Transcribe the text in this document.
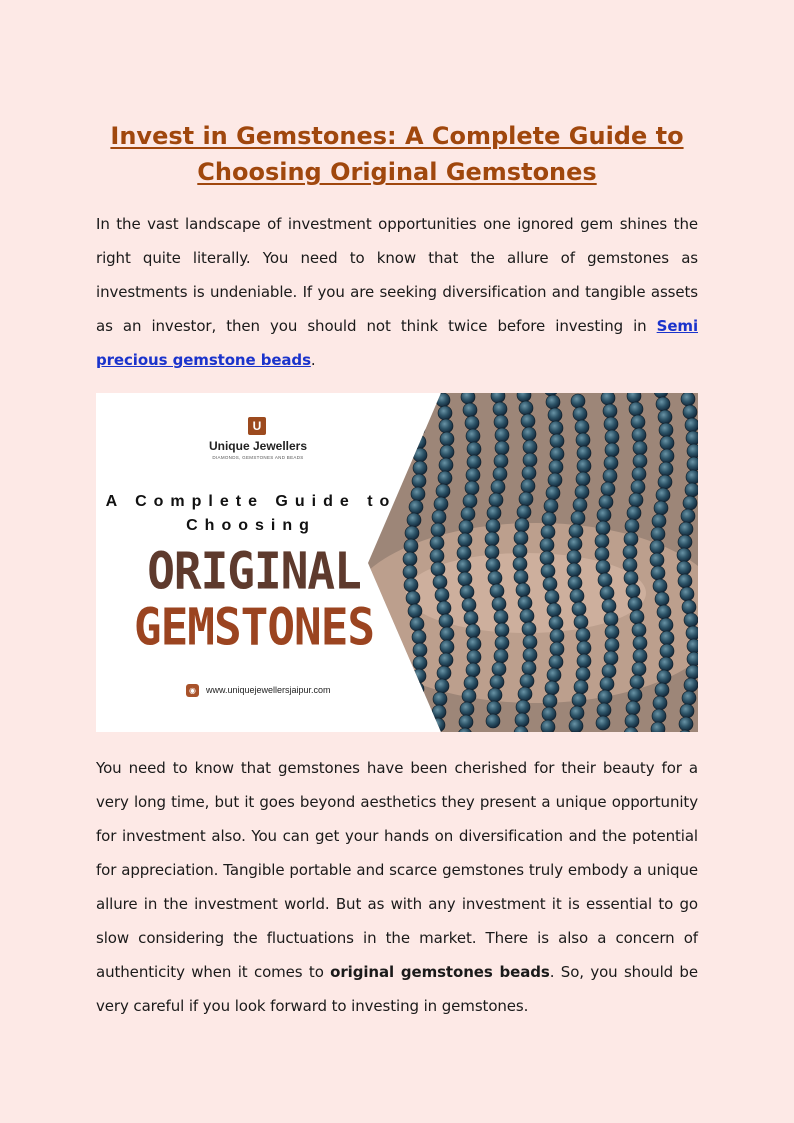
Invest in Gemstones: A Complete Guide to
Choosing Original Gemstones

In the vast landscape of investment opportunities one ignored gem shines the right quite literally. You need to know that the allure of gemstones as investments is undeniable. If you are seeking diversification and tangible assets as an investor, then you should not think twice before investing in Semi precious gemstone beads.

U
Unique Jewellers
DIAMONDS, GEMSTONES AND BEADS
A Complete Guide to
Choosing
ORIGINAL
GEMSTONES
◉	www.uniquejewellersjaipur.com

You need to know that gemstones have been cherished for their beauty for a very long time, but it goes beyond aesthetics they present a unique opportunity for investment also. You can get your hands on diversification and the potential for appreciation. Tangible portable and scarce gemstones truly embody a unique allure in the investment world. But as with any investment it is essential to go slow considering the fluctuations in the market. There is also a concern of authenticity when it comes to original gemstones beads. So, you should be very careful if you look forward to investing in gemstones.
